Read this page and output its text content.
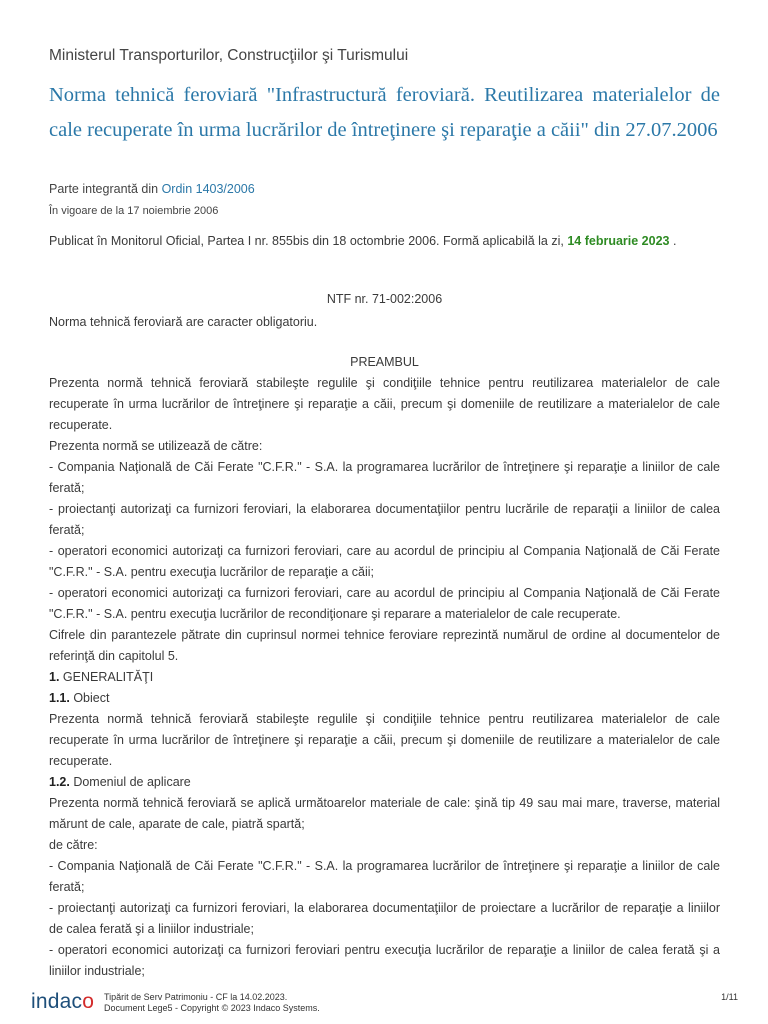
Ministerul Transporturilor, Construcţiilor şi Turismului
Norma tehnică feroviară "Infrastructură feroviară. Reutilizarea materialelor de cale recuperate în urma lucrărilor de întreţinere şi reparaţie a căii" din 27.07.2006
Parte integrantă din Ordin 1403/2006
În vigoare de la 17 noiembrie 2006
Publicat în Monitorul Oficial, Partea I nr. 855bis din 18 octombrie 2006. Formă aplicabilă la zi, 14 februarie 2023 .
NTF nr. 71-002:2006
Norma tehnică feroviară are caracter obligatoriu.

PREAMBUL

Prezenta normă tehnică feroviară stabileşte regulile şi condiţiile tehnice pentru reutilizarea materialelor de cale recuperate în urma lucrărilor de întreţinere şi reparaţie a căii, precum şi domeniile de reutilizare a materialelor de cale recuperate.

Prezenta normă se utilizează de către:

- Compania Naţională de Căi Ferate "C.F.R." - S.A. la programarea lucrărilor de întreţinere şi reparaţie a liniilor de cale ferată;

- proiectanţi autorizaţi ca furnizori feroviari, la elaborarea documentaţiilor pentru lucrările de reparaţii a liniilor de calea ferată;

- operatori economici autorizaţi ca furnizori feroviari, care au acordul de principiu al Compania Naţională de Căi Ferate "C.F.R." - S.A. pentru execuţia lucrărilor de reparaţie a căii;

- operatori economici autorizaţi ca furnizori feroviari, care au acordul de principiu al Compania Naţională de Căi Ferate "C.F.R." - S.A. pentru execuţia lucrărilor de recondiţionare şi reparare a materialelor de cale recuperate.

Cifrele din parantezele pătrate din cuprinsul normei tehnice feroviare reprezintă numărul de ordine al documentelor de referinţă din capitolul 5.

1. GENERALITĂŢI

1.1. Obiect

Prezenta normă tehnică feroviară stabileşte regulile şi condiţiile tehnice pentru reutilizarea materialelor de cale recuperate în urma lucrărilor de întreţinere şi reparaţie a căii, precum şi domeniile de reutilizare a materialelor de cale recuperate.

1.2. Domeniul de aplicare

Prezenta normă tehnică feroviară se aplică următoarelor materiale de cale: şină tip 49 sau mai mare, traverse, material mărunt de cale, aparate de cale, piatră spartă;

de către:

- Compania Naţională de Căi Ferate "C.F.R." - S.A. la programarea lucrărilor de întreţinere şi reparaţie a liniilor de cale ferată;

- proiectanţi autorizaţi ca furnizori feroviari, la elaborarea documentaţiilor de proiectare a lucrărilor de reparaţie a liniilor de calea ferată şi a liniilor industriale;

- operatori economici autorizaţi ca furnizori feroviari pentru execuţia lucrărilor de reparaţie a liniilor de calea ferată şi a liniilor industriale;

indaco Tipărit de Serv Patrimoniu - CF la 14.02.2023.
Document Lege5 - Copyright © 2023 Indaco Systems.
1/11
